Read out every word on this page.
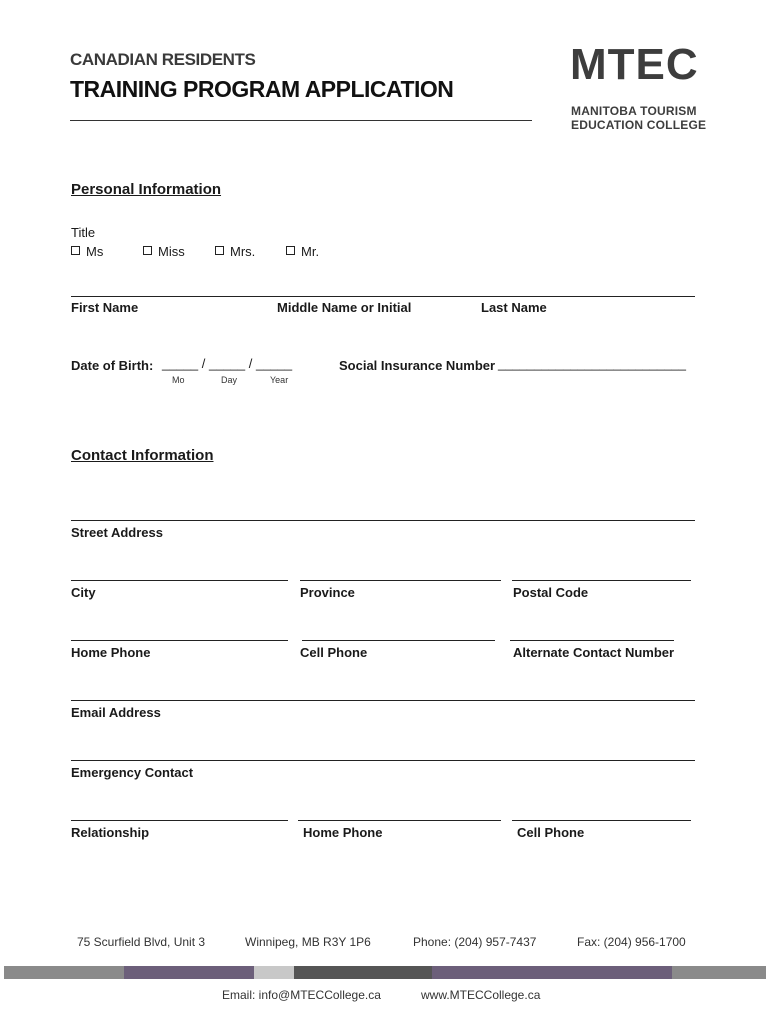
CANADIAN RESIDENTS
TRAINING PROGRAM APPLICATION	MTEC
MANITOBA TOURISM
EDUCATION COLLEGE
Personal Information
Title
Ms	Miss	Mrs.	Mr.
First Name	Middle Name or Initial	Last Name
Date of Birth: _____ / _____ / _____
Mo	Day	Year
Social Insurance Number __________________________
Contact Information
Street Address
City	Province	Postal Code
Home Phone	Cell Phone	Alternate Contact Number
Email Address
Emergency Contact
Relationship	Home Phone	Cell Phone
75 Scurfield Blvd, Unit 3	Winnipeg, MB R3Y 1P6	Phone: (204) 957-7437	Fax: (204) 956-1700
Email: info@MTECCollege.ca	www.MTECCollege.ca
